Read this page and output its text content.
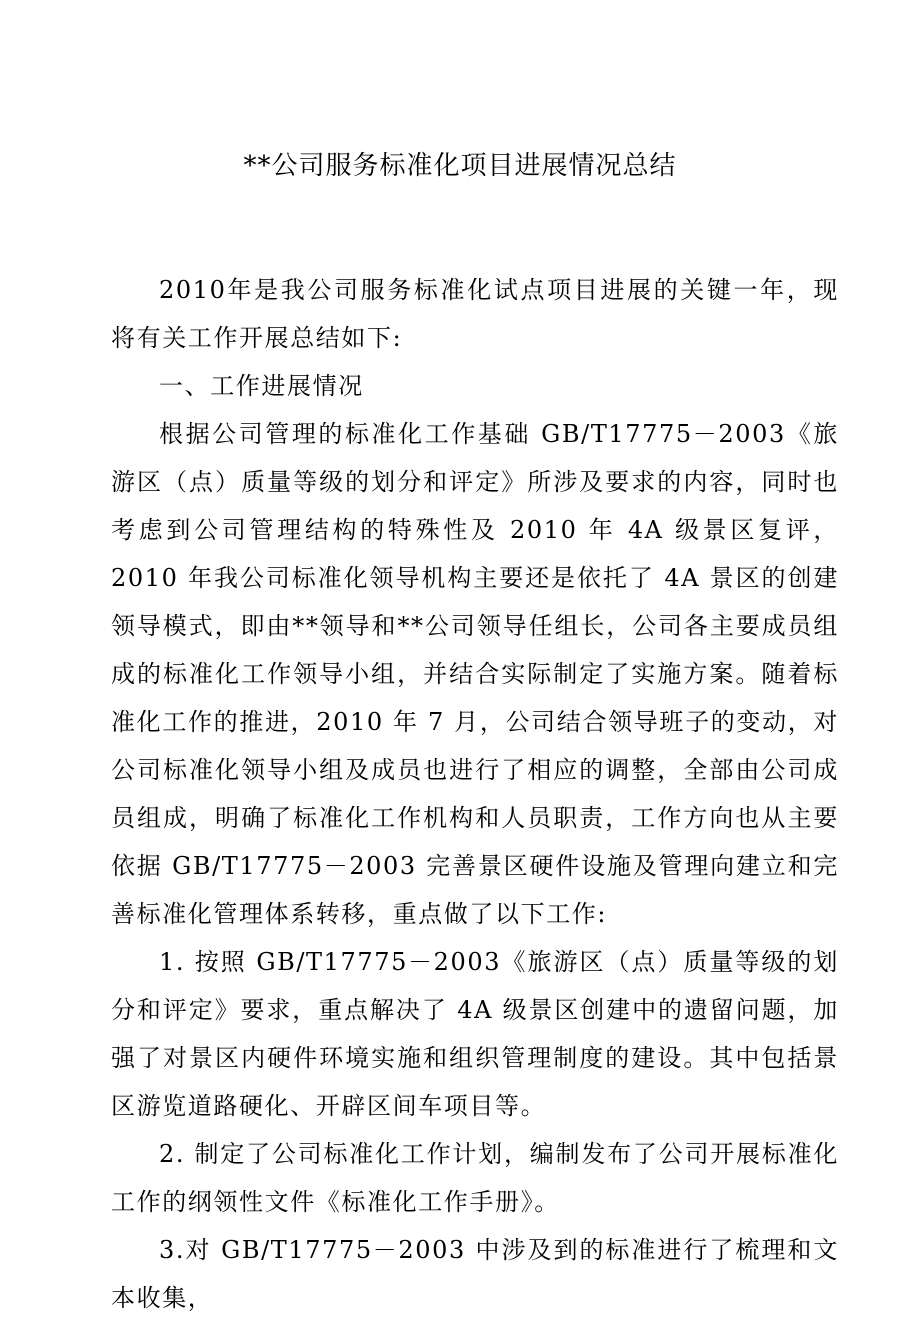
**公司服务标准化项目进展情况总结

2010年是我公司服务标准化试点项目进展的关键一年，现将有关工作开展总结如下:

一、工作进展情况

根据公司管理的标准化工作基础 GB/T17775－2003《旅游区（点）质量等级的划分和评定》所涉及要求的内容，同时也考虑到公司管理结构的特殊性及 2010 年 4A 级景区复评，2010 年我公司标准化领导机构主要还是依托了 4A 景区的创建领导模式，即由**领导和**公司领导任组长，公司各主要成员组成的标准化工作领导小组，并结合实际制定了实施方案。随着标准化工作的推进，2010 年 7 月，公司结合领导班子的变动，对公司标准化领导小组及成员也进行了相应的调整，全部由公司成员组成，明确了标准化工作机构和人员职责，工作方向也从主要依据 GB/T17775－2003 完善景区硬件设施及管理向建立和完善标准化管理体系转移，重点做了以下工作:

1. 按照 GB/T17775－2003《旅游区（点）质量等级的划分和评定》要求，重点解决了 4A 级景区创建中的遗留问题，加强了对景区内硬件环境实施和组织管理制度的建设。其中包括景区游览道路硬化、开辟区间车项目等。

2. 制定了公司标准化工作计划，编制发布了公司开展标准化工作的纲领性文件《标准化工作手册》。

3.对 GB/T17775－2003 中涉及到的标准进行了梳理和文本收集，
